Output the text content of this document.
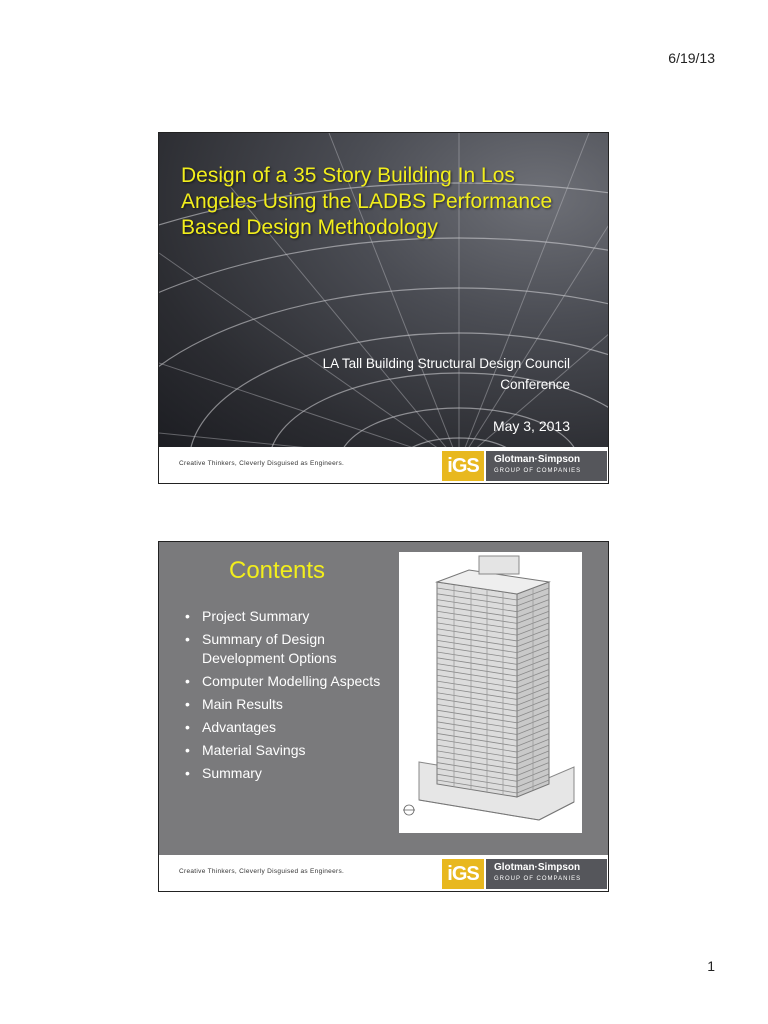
6/19/13
Design of a 35 Story Building In Los Angeles Using the LADBS Performance Based Design Methodology
LA Tall Building Structural Design Council
Conference
May 3, 2013
Creative Thinkers, Cleverly Disguised as Engineers.	iGS	Glotman·Simpson
GROUP OF COMPANIES
Contents
• Project Summary
• Summary of Design Development Options
• Computer Modelling Aspects
• Main Results
• Advantages
• Material Savings
• Summary
Creative Thinkers, Cleverly Disguised as Engineers.	iGS	Glotman·Simpson
GROUP OF COMPANIES
1
